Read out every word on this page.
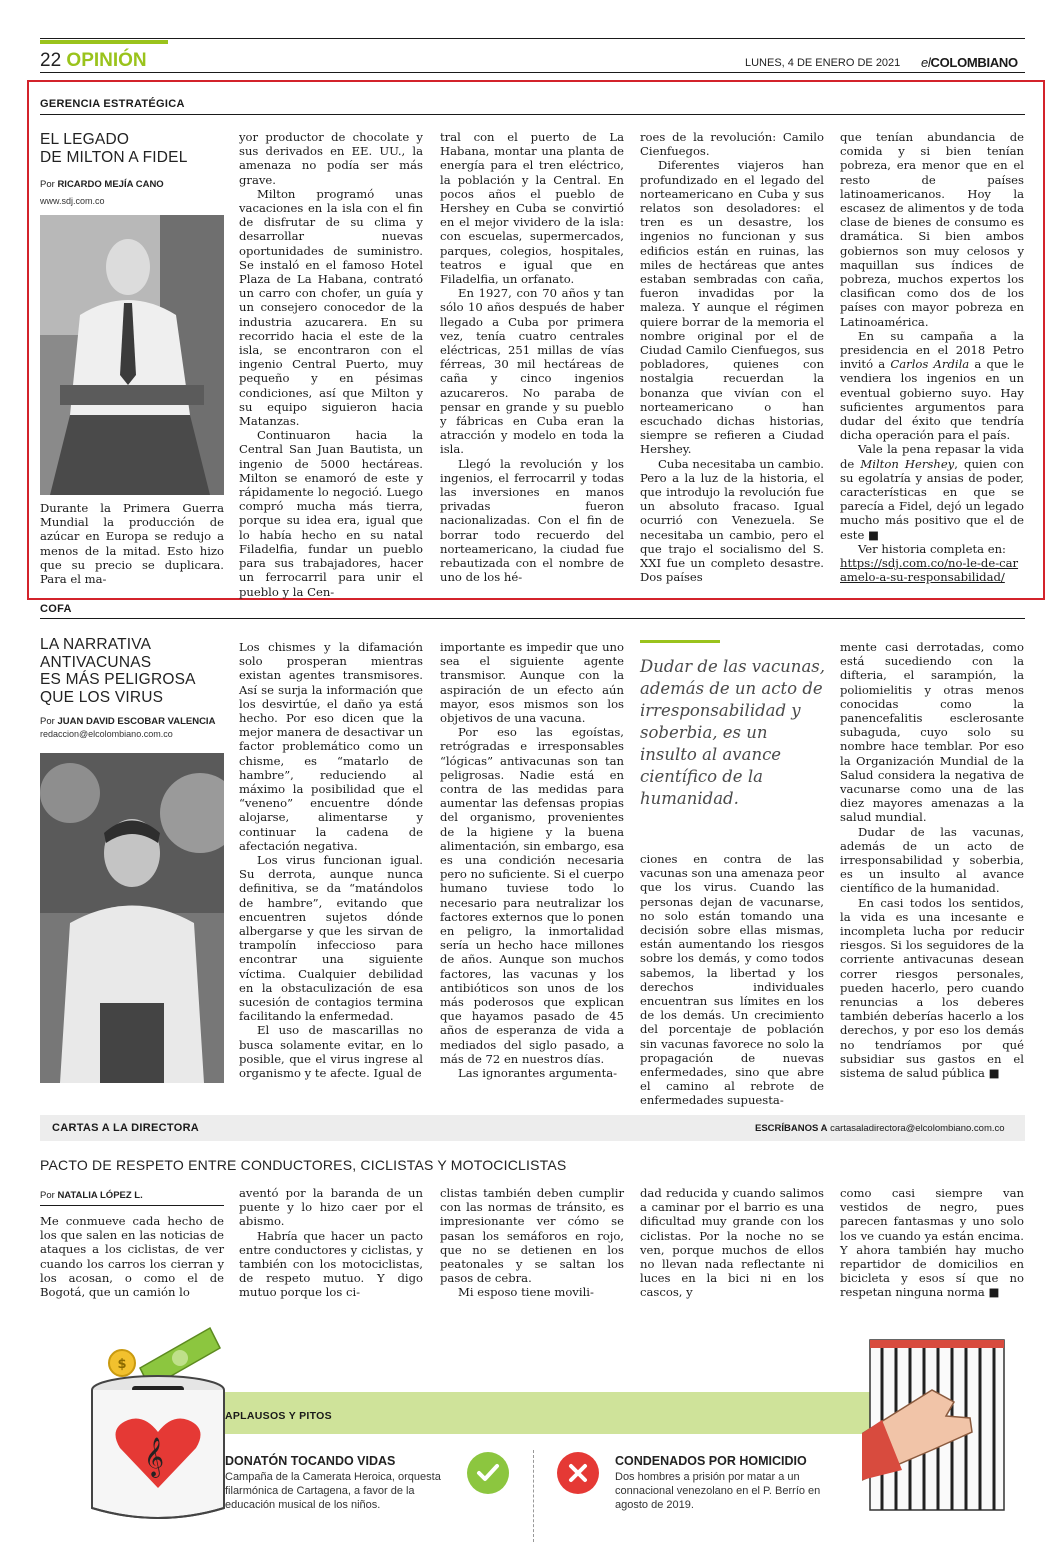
22 OPINIÓN	LUNES, 4 DE ENERO DE 2021 elCOLOMBIANO
GERENCIA ESTRATÉGICA
EL LEGADO
DE MILTON A FIDEL
Por RICARDO MEJÍA CANO
www.sdj.com.co

Durante la Primera Guerra Mundial la producción de azúcar en Europa se redujo a menos de la mitad. Esto hizo que su precio se duplicara. Para el ma-

yor productor de chocolate y sus derivados en EE. UU., la amenaza no podía ser más grave.

Milton programó unas vacaciones en la isla con el fin de disfrutar de su clima y desarrollar nuevas oportunidades de suministro. Se instaló en el famoso Hotel Plaza de La Habana, contrató un carro con chofer, un guía y un consejero conocedor de la industria azucarera. En su recorrido hacia el este de la isla, se encontraron con el ingenio Central Puerto, muy pequeño y en pésimas condiciones, así que Milton y su equipo siguieron hacia Matanzas.

Continuaron hacia la Central San Juan Bautista, un ingenio de 5000 hectáreas. Milton se enamoró de este y rápidamente lo negoció. Luego compró mucha más tierra, porque su idea era, igual que lo había hecho en su natal Filadelfia, fundar un pueblo para sus trabajadores, hacer un ferrocarril para unir el pueblo y la Cen-

tral con el puerto de La Habana, montar una planta de energía para el tren eléctrico, la población y la Central. En pocos años el pueblo de Hershey en Cuba se convirtió en el mejor vividero de la isla: con escuelas, supermercados, parques, colegios, hospitales, teatros e igual que en Filadelfia, un orfanato.

En 1927, con 70 años y tan sólo 10 años después de haber llegado a Cuba por primera vez, tenía cuatro centrales eléctricas, 251 millas de vías férreas, 30 mil hectáreas de caña y cinco ingenios azucareros. No paraba de pensar en grande y su pueblo y fábricas en Cuba eran la atracción y modelo en toda la isla.

Llegó la revolución y los ingenios, el ferrocarril y todas las inversiones en manos privadas fueron nacionalizadas. Con el fin de borrar todo recuerdo del norteamericano, la ciudad fue rebautizada con el nombre de uno de los hé-

roes de la revolución: Camilo Cienfuegos.

Diferentes viajeros han profundizado en el legado del norteamericano en Cuba y sus relatos son desoladores: el tren es un desastre, los ingenios no funcionan y sus edificios están en ruinas, las miles de hectáreas que antes estaban sembradas con caña, fueron invadidas por la maleza. Y aunque el régimen quiere borrar de la memoria el nombre original por el de Ciudad Camilo Cienfuegos, sus pobladores, quienes con nostalgia recuerdan la bonanza que vivían con el norteamericano o han escuchado dichas historias, siempre se refieren a Ciudad Hershey.

Cuba necesitaba un cambio. Pero a la luz de la historia, el que introdujo la revolución fue un absoluto fracaso. Igual ocurrió con Venezuela. Se necesitaba un cambio, pero el que trajo el socialismo del S. XXI fue un completo desastre. Dos países

que tenían abundancia de comida y si bien tenían pobreza, era menor que en el resto de países latinoamericanos. Hoy la escasez de alimentos y de toda clase de bienes de consumo es dramática. Si bien ambos gobiernos son muy celosos y maquillan sus índices de pobreza, muchos expertos los clasifican como dos de los países con mayor pobreza en Latinoamérica.

En su campaña a la presidencia en el 2018 Petro invitó a Carlos Ardila a que le vendiera los ingenios en un eventual gobierno suyo. Hay suficientes argumentos para dudar del éxito que tendría dicha operación para el país.

Vale la pena repasar la vida de Milton Hershey, quien con su egolatría y ansias de poder, características en que se parecía a Fidel, dejó un legado mucho más positivo que el de este ■

Ver historia completa en:

https://sdj.com.co/no-le-de-caramelo-a-su-responsabilidad/

COFA
LA NARRATIVA
ANTIVACUNAS
ES MÁS PELIGROSA
QUE LOS VIRUS
Por JUAN DAVID ESCOBAR VALENCIA
redaccion@elcolombiano.com.co

Los chismes y la difamación solo prosperan mientras existan agentes transmisores. Así se surja la información que los desvirtúe, el daño ya está hecho. Por eso dicen que la mejor manera de desactivar un factor problemático como un chisme, es “matarlo de hambre”, reduciendo al máximo la posibilidad que el “veneno” encuentre dónde alojarse, alimentarse y continuar la cadena de afectación negativa.

Los virus funcionan igual. Su derrota, aunque nunca definitiva, se da “matándolos de hambre”, evitando que encuentren sujetos dónde albergarse y que les sirvan de trampolín infeccioso para encontrar una siguiente víctima. Cualquier debilidad en la obstaculización de esa sucesión de contagios termina facilitando la enfermedad.

El uso de mascarillas no busca solamente evitar, en lo posible, que el virus ingrese al organismo y te afecte. Igual de

importante es impedir que uno sea el siguiente agente transmisor. Aunque con la aspiración de un efecto aún mayor, esos mismos son los objetivos de una vacuna.

Por eso las egoístas, retrógradas e irresponsables “lógicas” antivacunas son tan peligrosas. Nadie está en contra de las medidas para aumentar las defensas propias del organismo, provenientes de la higiene y la buena alimentación, sin embargo, esa es una condición necesaria pero no suficiente. Si el cuerpo humano tuviese todo lo necesario para neutralizar los factores externos que lo ponen en peligro, la inmortalidad sería un hecho hace millones de años. Aunque son muchos factores, las vacunas y los antibióticos son unos de los más poderosos que explican que hayamos pasado de 45 años de esperanza de vida a mediados del siglo pasado, a más de 72 en nuestros días.

Las ignorantes argumenta-

Dudar de las vacunas, además de un acto de irresponsabilidad y soberbia, es un insulto al avance científico de la humanidad.

ciones en contra de las vacunas son una amenaza peor que los virus. Cuando las personas dejan de vacunarse, no solo están tomando una decisión sobre ellas mismas, están aumentando los riesgos sobre los demás, y como todos sabemos, la libertad y los derechos individuales encuentran sus límites en los de los demás. Un crecimiento del porcentaje de población sin vacunas favorece no solo la propagación de nuevas enfermedades, sino que abre el camino al rebrote de enfermedades supuesta-

mente casi derrotadas, como está sucediendo con la difteria, el sarampión, la poliomielitis y otras menos conocidas como la panencefalitis esclerosante subaguda, cuyo solo su nombre hace temblar. Por eso la Organización Mundial de la Salud considera la negativa de vacunarse como una de las diez mayores amenazas a la salud mundial.

Dudar de las vacunas, además de un acto de irresponsabilidad y soberbia, es un insulto al avance científico de la humanidad.

En casi todos los sentidos, la vida es una incesante e incompleta lucha por reducir riesgos. Si los seguidores de la corriente antivacunas desean correr riesgos personales, pueden hacerlo, pero cuando renuncias a los deberes también deberías hacerlo a los derechos, y por eso los demás no tendríamos por qué subsidiar sus gastos en el sistema de salud pública ■

CARTAS A LA DIRECTORA	ESCRÍBANOS A cartasaladirectora@elcolombiano.com.co
PACTO DE RESPETO ENTRE CONDUCTORES, CICLISTAS Y MOTOCICLISTAS
Por NATALIA LÓPEZ L.

Me conmueve cada hecho de los que salen en las noticias de ataques a los ciclistas, de ver cuando los carros los cierran y los acosan, o como el de Bogotá, que un camión lo

aventó por la baranda de un puente y lo hizo caer por el abismo.

Habría que hacer un pacto entre conductores y ciclistas, y también con los motociclistas, de respeto mutuo. Y digo mutuo porque los ci-

clistas también deben cumplir con las normas de tránsito, es impresionante ver cómo se pasan los semáforos en rojo, que no se detienen en los peatonales y se saltan los pasos de cebra.

Mi esposo tiene movili-

dad reducida y cuando salimos a caminar por el barrio es una dificultad muy grande con los ciclistas. Por la noche no se ven, porque muchos de ellos no llevan nada reflectante ni luces en la bici ni en los cascos, y

como casi siempre van vestidos de negro, pues parecen fantasmas y uno solo los ve cuando ya están encima. Y ahora también hay mucho repartidor de domicilios en bicicleta y esos sí que no respetan ninguna norma ■

APLAUSOS Y PITOS
$
𝄞	DONATÓN TOCANDO VIDAS
Campaña de la Camerata Heroica, orquesta filarmónica de Cartagena, a favor de la educación musical de los niños.
CONDENADOS POR HOMICIDIO
Dos hombres a prisión por matar a un connacional venezolano en el P. Berrío en agosto de 2019.
